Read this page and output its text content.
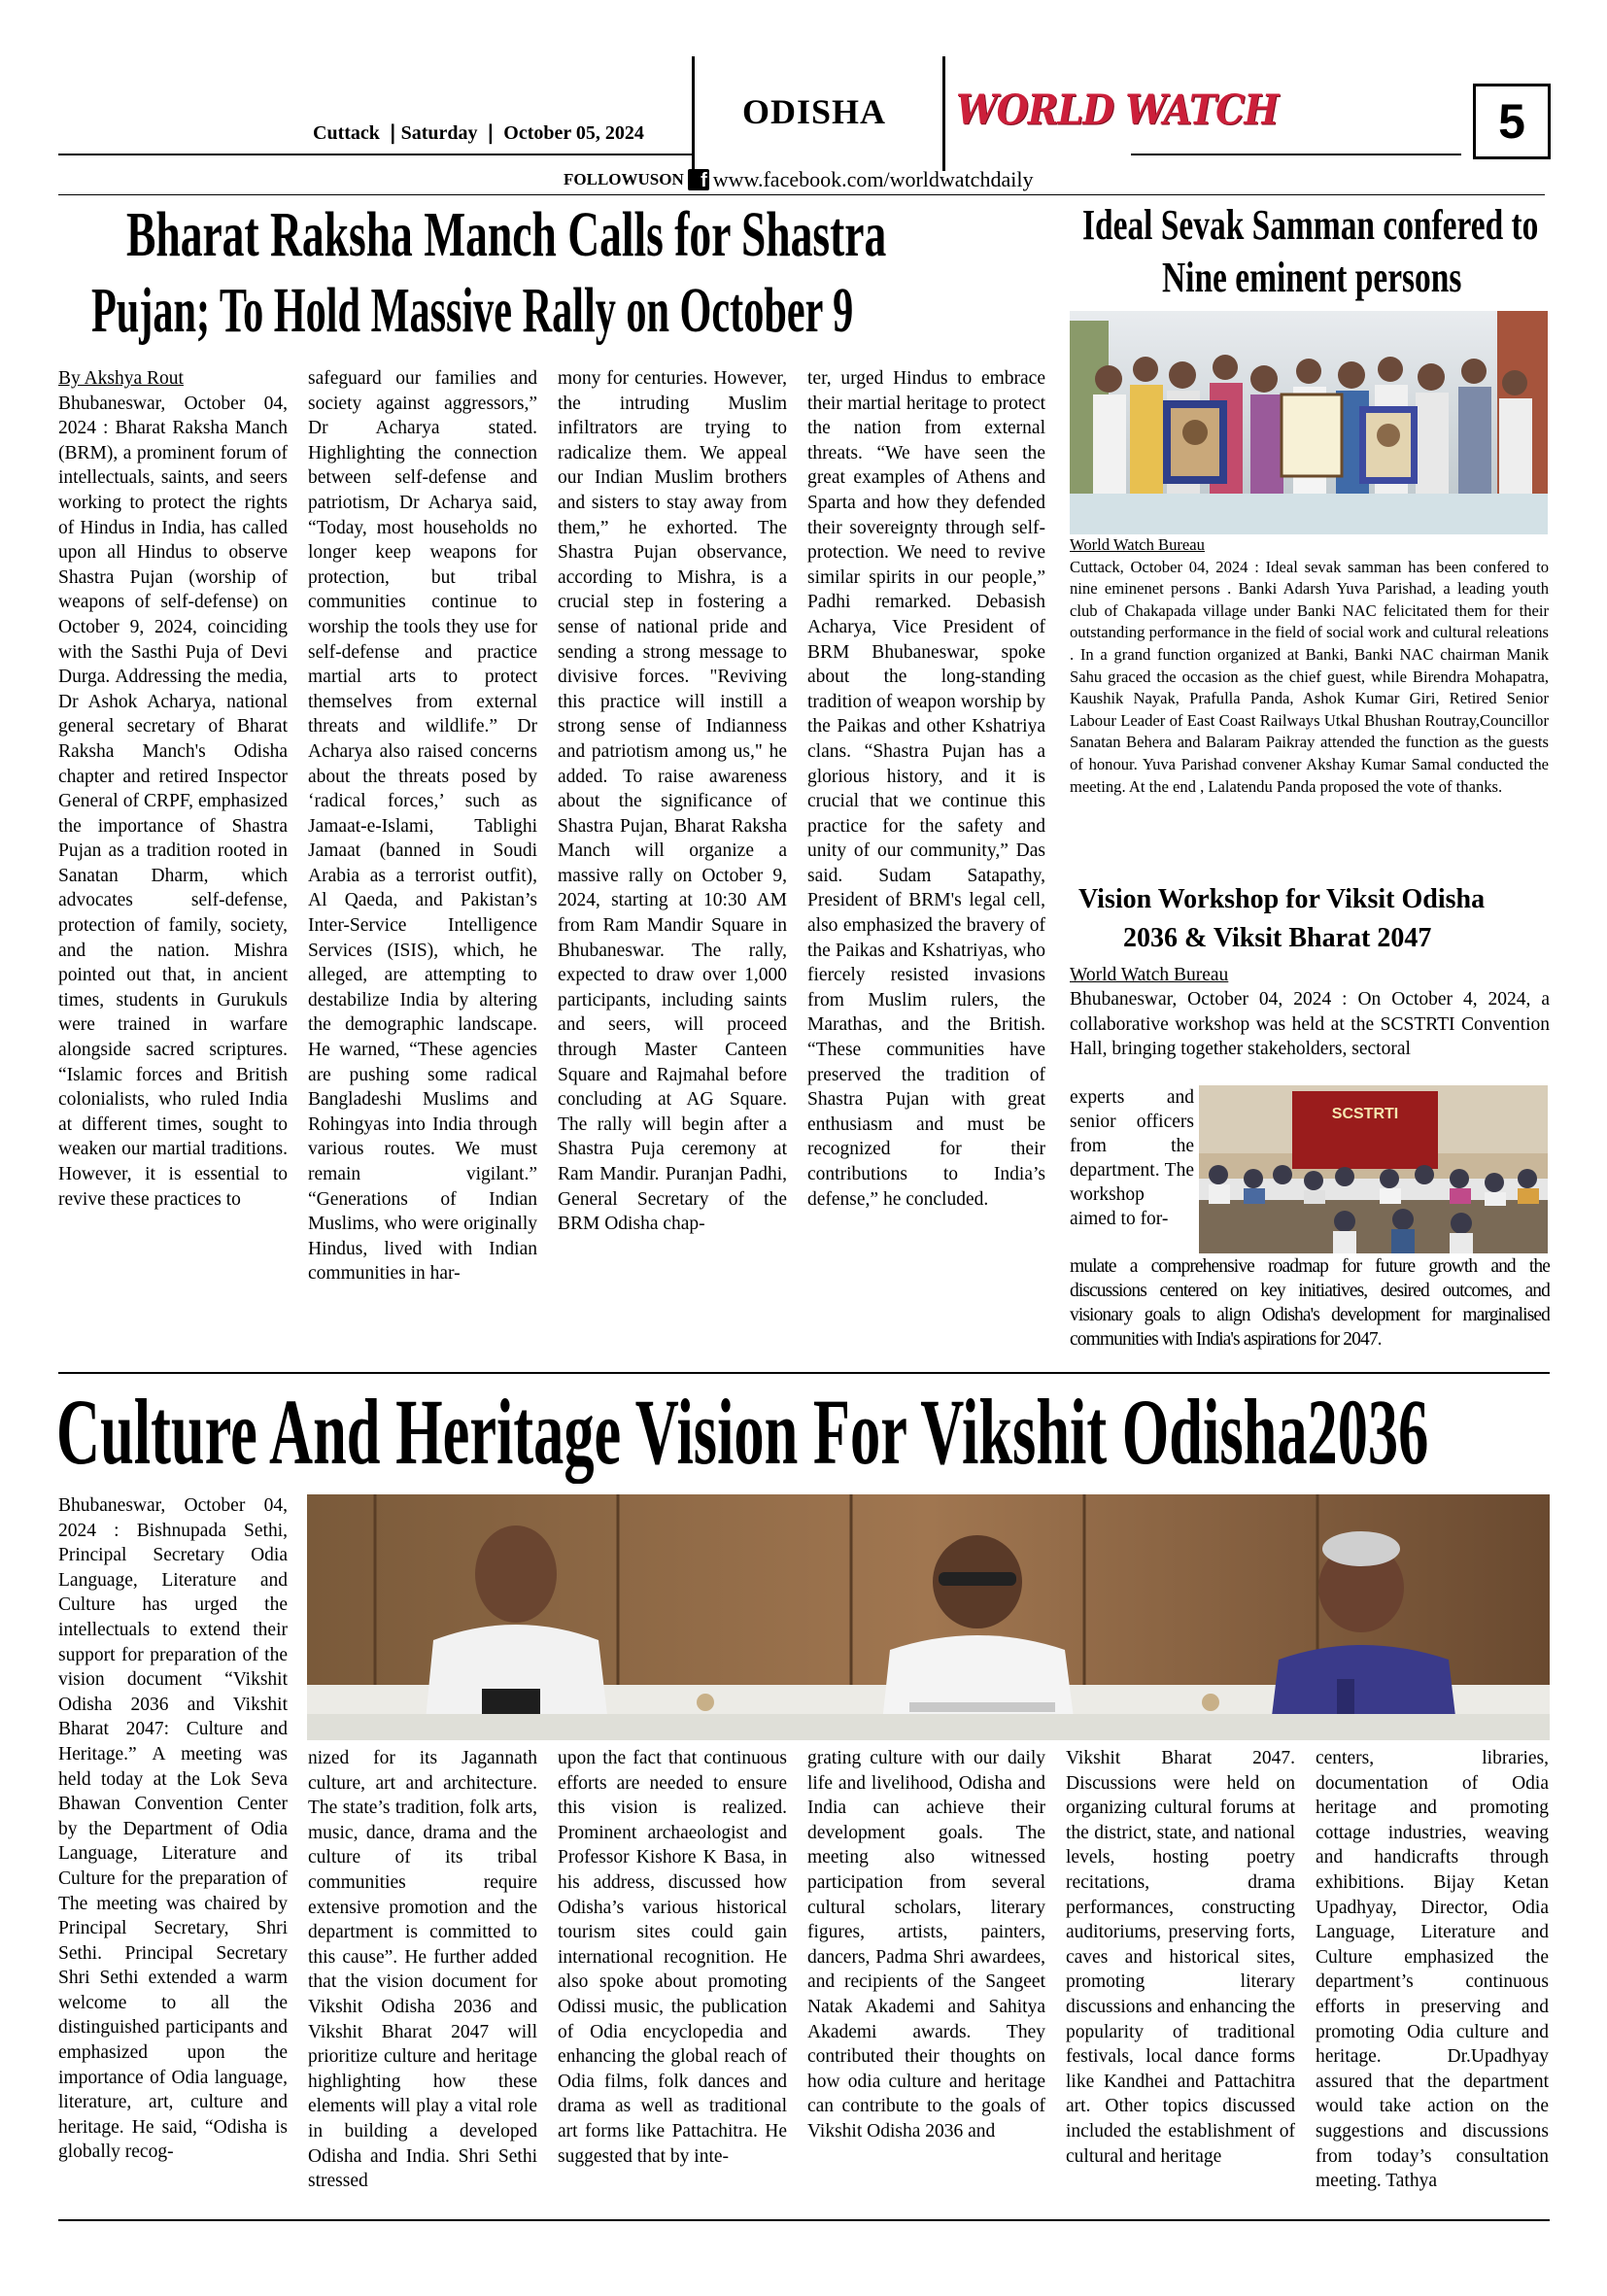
Cuttack ❘Saturday ❘ October 05, 2024
ODISHA WORLD WATCH	5
FOLLOWUSON f www.facebook.com/worldwatchdaily
Bharat Raksha Manch Calls for Shastra
Pujan; To Hold Massive Rally on October 9

By Akshya Rout

Bhubaneswar, October 04, 2024 : Bharat Raksha Manch (BRM), a prominent forum of intellectuals, saints, and seers working to protect the rights of Hindus in India, has called upon all Hindus to observe Shastra Pujan (worship of weapons of self-defense) on October 9, 2024, coinciding with the Sasthi Puja of Devi Durga. Addressing the media, Dr Ashok Acharya, national general secretary of Bharat Raksha Manch's Odisha chapter and retired Inspector General of CRPF, emphasized the importance of Shastra Pujan as a tradition rooted in Sanatan Dharm, which advocates self-defense, protection of family, society, and the nation. Mishra pointed out that, in ancient times, students in Gurukuls were trained in warfare alongside sacred scriptures. “Islamic forces and British colonialists, who ruled India at different times, sought to weaken our martial traditions. However, it is essential to revive these practices to

safeguard our families and society against aggressors,” Dr Acharya stated. Highlighting the connection between self-defense and patriotism, Dr Acharya said, “Today, most households no longer keep weapons for protection, but tribal communities continue to worship the tools they use for self-defense and practice martial arts to protect themselves from external threats and wildlife.” Dr Acharya also raised concerns about the threats posed by ‘radical forces,’ such as Jamaat-e-Islami, Tablighi Jamaat (banned in Soudi Arabia as a terrorist outfit), Al Qaeda, and Pakistan’s Inter-Service Intelligence Services (ISIS), which, he alleged, are attempting to destabilize India by altering the demographic landscape. He warned, “These agencies are pushing some radical Bangladeshi Muslims and Rohingyas into India through various routes. We must remain vigilant.” “Generations of Indian Muslims, who were originally Hindus, lived with Indian communities in har-

mony for centuries. However, the intruding Muslim infiltrators are trying to radicalize them. We appeal our Indian Muslim brothers and sisters to stay away from them,” he exhorted. The Shastra Pujan observance, according to Mishra, is a crucial step in fostering a sense of national pride and sending a strong message to divisive forces. "Reviving this practice will instill a strong sense of Indianness and patriotism among us," he added. To raise awareness about the significance of Shastra Pujan, Bharat Raksha Manch will organize a massive rally on October 9, 2024, starting at 10:30 AM from Ram Mandir Square in Bhubaneswar. The rally, expected to draw over 1,000 participants, including saints and seers, will proceed through Master Canteen Square and Rajmahal before concluding at AG Square. The rally will begin after a Shastra Puja ceremony at Ram Mandir. Puranjan Padhi, General Secretary of the BRM Odisha chap-

ter, urged Hindus to embrace their martial heritage to protect the nation from external threats. “We have seen the great examples of Athens and Sparta and how they defended their sovereignty through self-protection. We need to revive similar spirits in our people,” Padhi remarked. Debasish Acharya, Vice President of BRM Bhubaneswar, spoke about the long-standing tradition of weapon worship by the Paikas and other Kshatriya clans. “Shastra Pujan has a glorious history, and it is crucial that we continue this practice for the safety and unity of our community,” Das said. Sudam Satapathy, President of BRM's legal cell, also emphasized the bravery of the Paikas and Kshatriyas, who fiercely resisted invasions from Muslim rulers, the Marathas, and the British. “These communities have preserved the tradition of Shastra Pujan with great enthusiasm and must be recognized for their contributions to India’s defense,” he concluded.

Ideal Sevak Samman confered to
Nine eminent persons

World Watch Bureau

Cuttack, October 04, 2024 : Ideal sevak samman has been confered to nine eminenet persons . Banki Adarsh Yuva Parishad, a leading youth club of Chakapada village under Banki NAC felicitated them for their outstanding performance in the field of social work and cultural releations . In a grand function organized at Banki, Banki NAC chairman Manik Sahu graced the occasion as the chief guest, while Birendra Mohapatra, Kaushik Nayak, Prafulla Panda, Ashok Kumar Giri, Retired Senior Labour Leader of East Coast Railways Utkal Bhushan Routray,Councillor Sanatan Behera and Balaram Paikray attended the function as the guests of honour. Yuva Parishad convener Akshay Kumar Samal conducted the meeting. At the end , Lalatendu Panda proposed the vote of thanks.

Vision Workshop for Viksit Odisha
2036 & Viksit Bharat 2047

World Watch Bureau

Bhubaneswar, October 04, 2024 : On October 4, 2024, a collaborative workshop was held at the SCSTRTI Convention Hall, bringing together stakeholders, sectoral

experts and senior officers from the department. The workshop aimed to for-

SCSTRTI

mulate a comprehensive roadmap for future growth and the discussions centered on key initiatives, desired outcomes, and visionary goals to align Odisha's development for marginalised communities with India's aspirations for 2047.

Culture And Heritage Vision For Vikshit Odisha2036

Bhubaneswar, October 04, 2024 : Bishnupada Sethi, Principal Secretary Odia Language, Literature and Culture has urged the intellectuals to extend their support for preparation of the vision document “Vikshit Odisha 2036 and Vikshit Bharat 2047: Culture and Heritage.” A meeting was held today at the Lok Seva Bhawan Convention Center by the Department of Odia Language, Literature and Culture for the preparation of The meeting was chaired by Principal Secretary, Shri Sethi. Principal Secretary Shri Sethi extended a warm welcome to all the distinguished participants and emphasized upon the importance of Odia language, literature, art, culture and heritage. He said, “Odisha is globally recog-

nized for its Jagannath culture, art and architecture. The state’s tradition, folk arts, music, dance, drama and the culture of its tribal communities require extensive promotion and the department is committed to this cause”. He further added that the vision document for Vikshit Odisha 2036 and Vikshit Bharat 2047 will prioritize culture and heritage highlighting how these elements will play a vital role in building a developed Odisha and India. Shri Sethi stressed

upon the fact that continuous efforts are needed to ensure this vision is realized. Prominent archaeologist and Professor Kishore K Basa, in his address, discussed how Odisha’s various historical tourism sites could gain international recognition. He also spoke about promoting Odissi music, the publication of Odia encyclopedia and enhancing the global reach of Odia films, folk dances and drama as well as traditional art forms like Pattachitra. He suggested that by inte-

grating culture with our daily life and livelihood, Odisha and India can achieve their development goals. The meeting also witnessed participation from several cultural scholars, literary figures, artists, painters, dancers, Padma Shri awardees, and recipients of the Sangeet Natak Akademi and Sahitya Akademi awards. They contributed their thoughts on how odia culture and heritage can contribute to the goals of Vikshit Odisha 2036 and

Vikshit Bharat 2047. Discussions were held on organizing cultural forums at the district, state, and national levels, hosting poetry recitations, drama performances, constructing auditoriums, preserving forts, caves and historical sites, promoting literary discussions and enhancing the popularity of traditional festivals, local dance forms like Kandhei and Pattachitra art. Other topics discussed included the establishment of cultural and heritage

centers, libraries, documentation of Odia heritage and promoting cottage industries, weaving and handicrafts through exhibitions. Bijay Ketan Upadhyay, Director, Odia Language, Literature and Culture emphasized the department’s continuous efforts in preserving and promoting Odia culture and heritage. Dr.Upadhyay assured that the department would take action on the suggestions and discussions from today’s consultation meeting. Tathya
